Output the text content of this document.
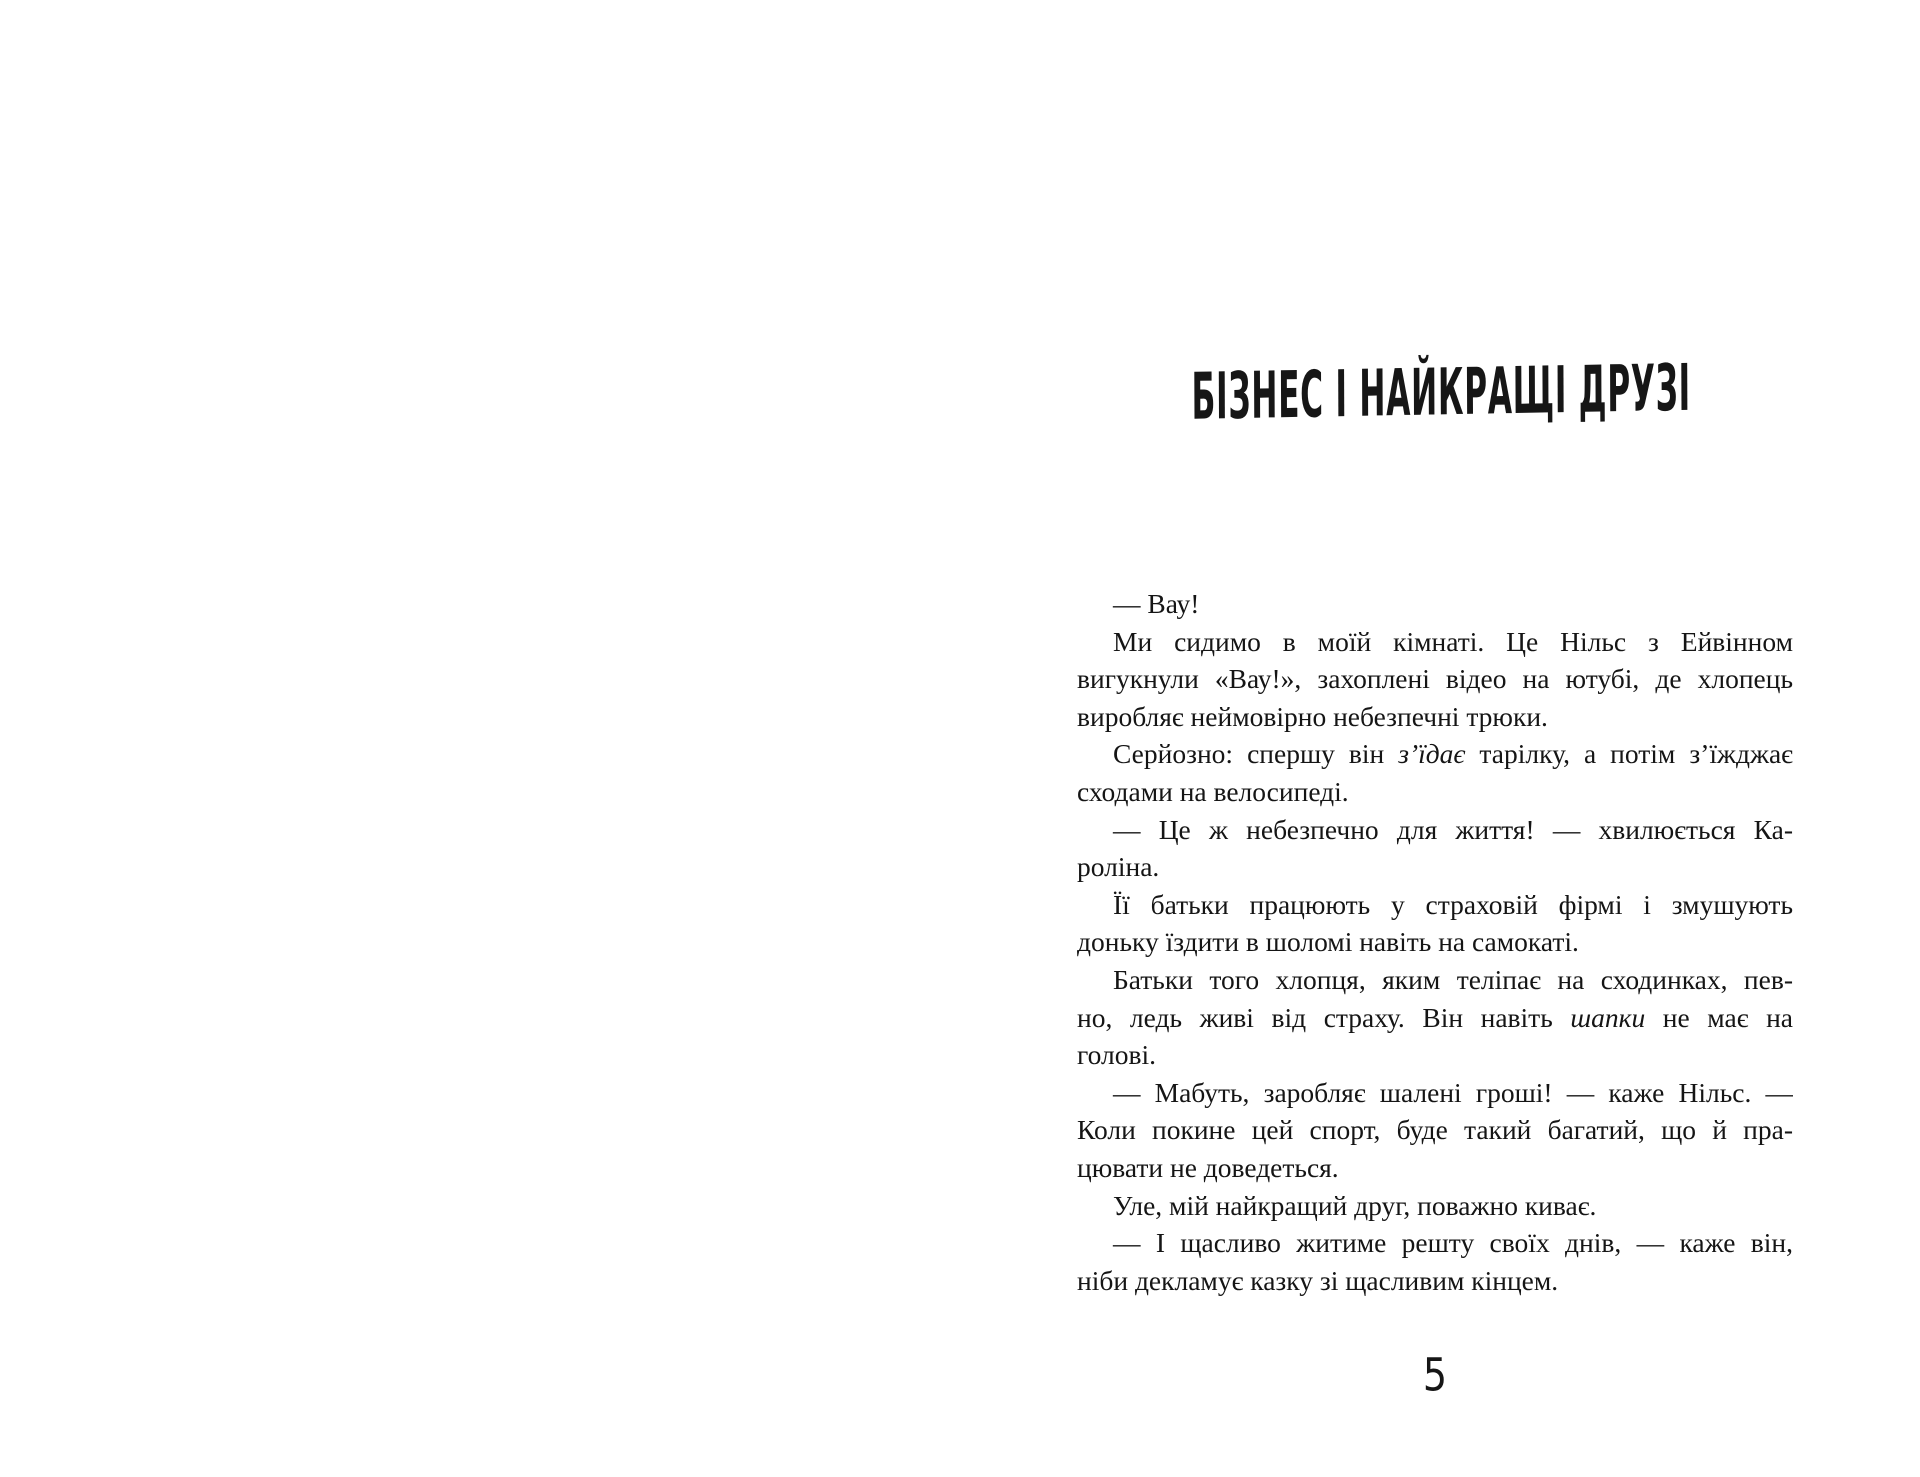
БІЗНЕС І НАЙКРАЩІ ДРУЗІ
— Вау!
Ми сидимо в моїй кімнаті. Це Нільс з Ейвінном
вигукнули «Вау!», захоплені відео на ютубі, де хлопець
виробляє неймовірно небезпечні трюки.
Серйозно: спершу він з’їдає тарілку, а потім з’їжджає
сходами на велосипеді.
— Це ж небезпечно для життя! — хвилюється Ка-
роліна.
Її батьки працюють у страховій фірмі і змушують
доньку їздити в шоломі навіть на самокаті.
Батьки того хлопця, яким теліпає на сходинках, пев-
но, ледь живі від страху. Він навіть шапки не має на
голові.
— Мабуть, заробляє шалені гроші! — каже Нільс. —
Коли покине цей спорт, буде такий багатий, що й пра-
цювати не доведеться.
Уле, мій найкращий друг, поважно киває.
— І щасливо житиме решту своїх днів, — каже він,
ніби декламує казку зі щасливим кінцем.
5
